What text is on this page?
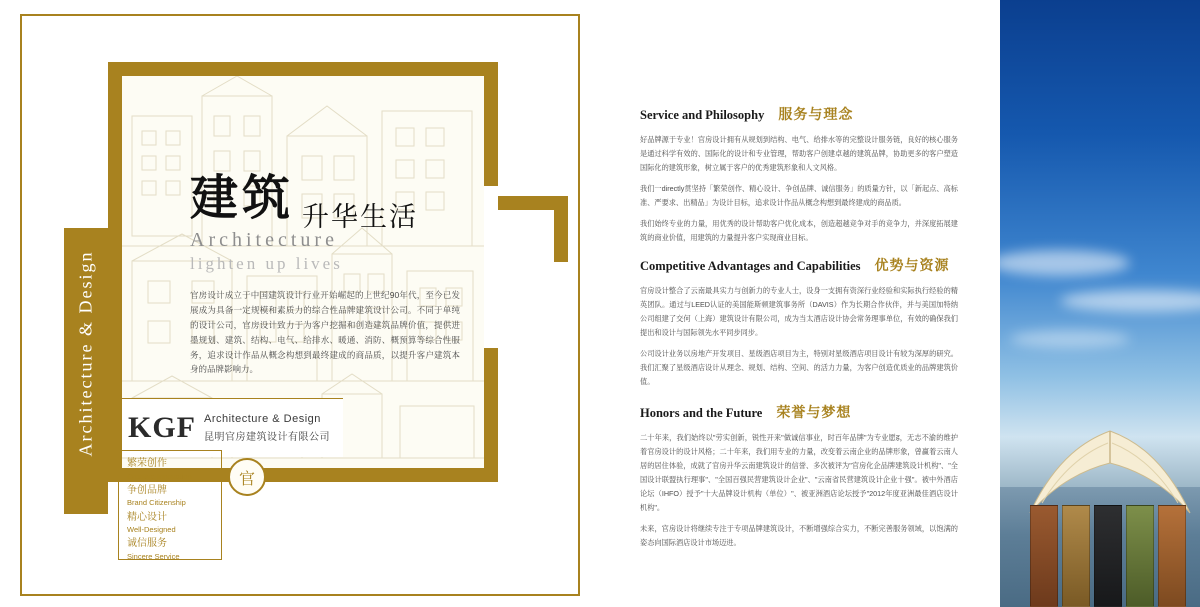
建筑 升华生活
Architecture
lighten up lives
官房设计成立于中国建筑设计行业开始崛起的上世纪90年代，至今已发展成为具备一定规模和素质力的综合性品牌建筑设计公司。不同于单纯的设计公司，官房设计致力于为客户挖掘和创造建筑品牌价值，提供进墨规划、建筑、结构、电气、给排水、暖通、消防、概预算等综合性服务，追求设计作品从概念构想到最终建成的商品质，以提升客户建筑本身的品牌影响力。
Architecture & Design KGF Architecture & Design
昆明官房建筑设计有限公司
繁荣创作
Creative Innovation
争创品牌
Brand Citizenship
精心设计
Well-Designed
诚信服务
Sincere Service
官
Service and Philosophy 服务与理念

好品牌源于专业！官房设计拥有从规划到结构、电气、给排水等的完整设计服务链，良好的核心服务是通过科学有效的、国际化的设计和专业管理，帮助客户创建卓越的建筑品牌，协助更多的客户塑造国际化的建筑形象，树立属于客户的优秀建筑形象和人文风格。

我们一directly贯坚持「繁荣创作、精心设计、争创品牌、诚信服务」的质量方针，以「新起点、高标准、严要求、出精品」为设计目标，追求设计作品从概念构想到最终建成的商品质。

我们始终专业的力量，用优秀的设计帮助客户优化成本，创造超越竞争对手的竞争力，并深度拓展建筑的商业价值，用建筑的力量提升客户实现商业目标。

Competitive Advantages and Capabilities 优势与资源

官房设计整合了云南最具实力与创新力的专业人士，设身一支拥有资深行业经验和实际执行经验的精英团队。通过与LEED认证的美国能斯顿建筑事务所（DAVIS）作为长期合作伙伴，并与美国加特纳公司组建了交何（上海）建筑设计有限公司，成为当太酒店设计协会常务理事单位，有效的确保我们提出和设计与国际领先水平同步同步。

公司设计业务以房地产开发项目、星级酒店项目为主，特别对星级酒店项目设计有较为深厚的研究。我们汇聚了星级酒店设计从理念、规划、结构、空间、的活力力量，为客户创造优质业的品牌建筑价值。

Honors and the Future 荣誉与梦想

二十年来，我们始终以"劳实创新，锐性开来"做诚信事业，时百年品牌"为专业愿ह，无志不渝的维护着官房设计的设计风格；二十年来，我们用专业的力量，改变着云南企业的品牌形象，曾赢着云南人居的居住体验，成就了官房升华云南建筑设计的信誉、多次被评为"官房化企品牌建筑设计机构"、"全国设计联盟执行理事"、"全国百强民营建筑设计企业"、"云南省民营建筑设计企业十强"。被中外酒店论坛（IHFO）授予"十大品牌设计机构（单位）"、被亚洲酒店论坛授予"2012年度亚洲最佳酒店设计机构"。

未来，官房设计将继续专注于专项品牌建筑设计，不断增强综合实力，不断完善服务领域，以饱满的姿态向国际酒店设计市场迈进。
